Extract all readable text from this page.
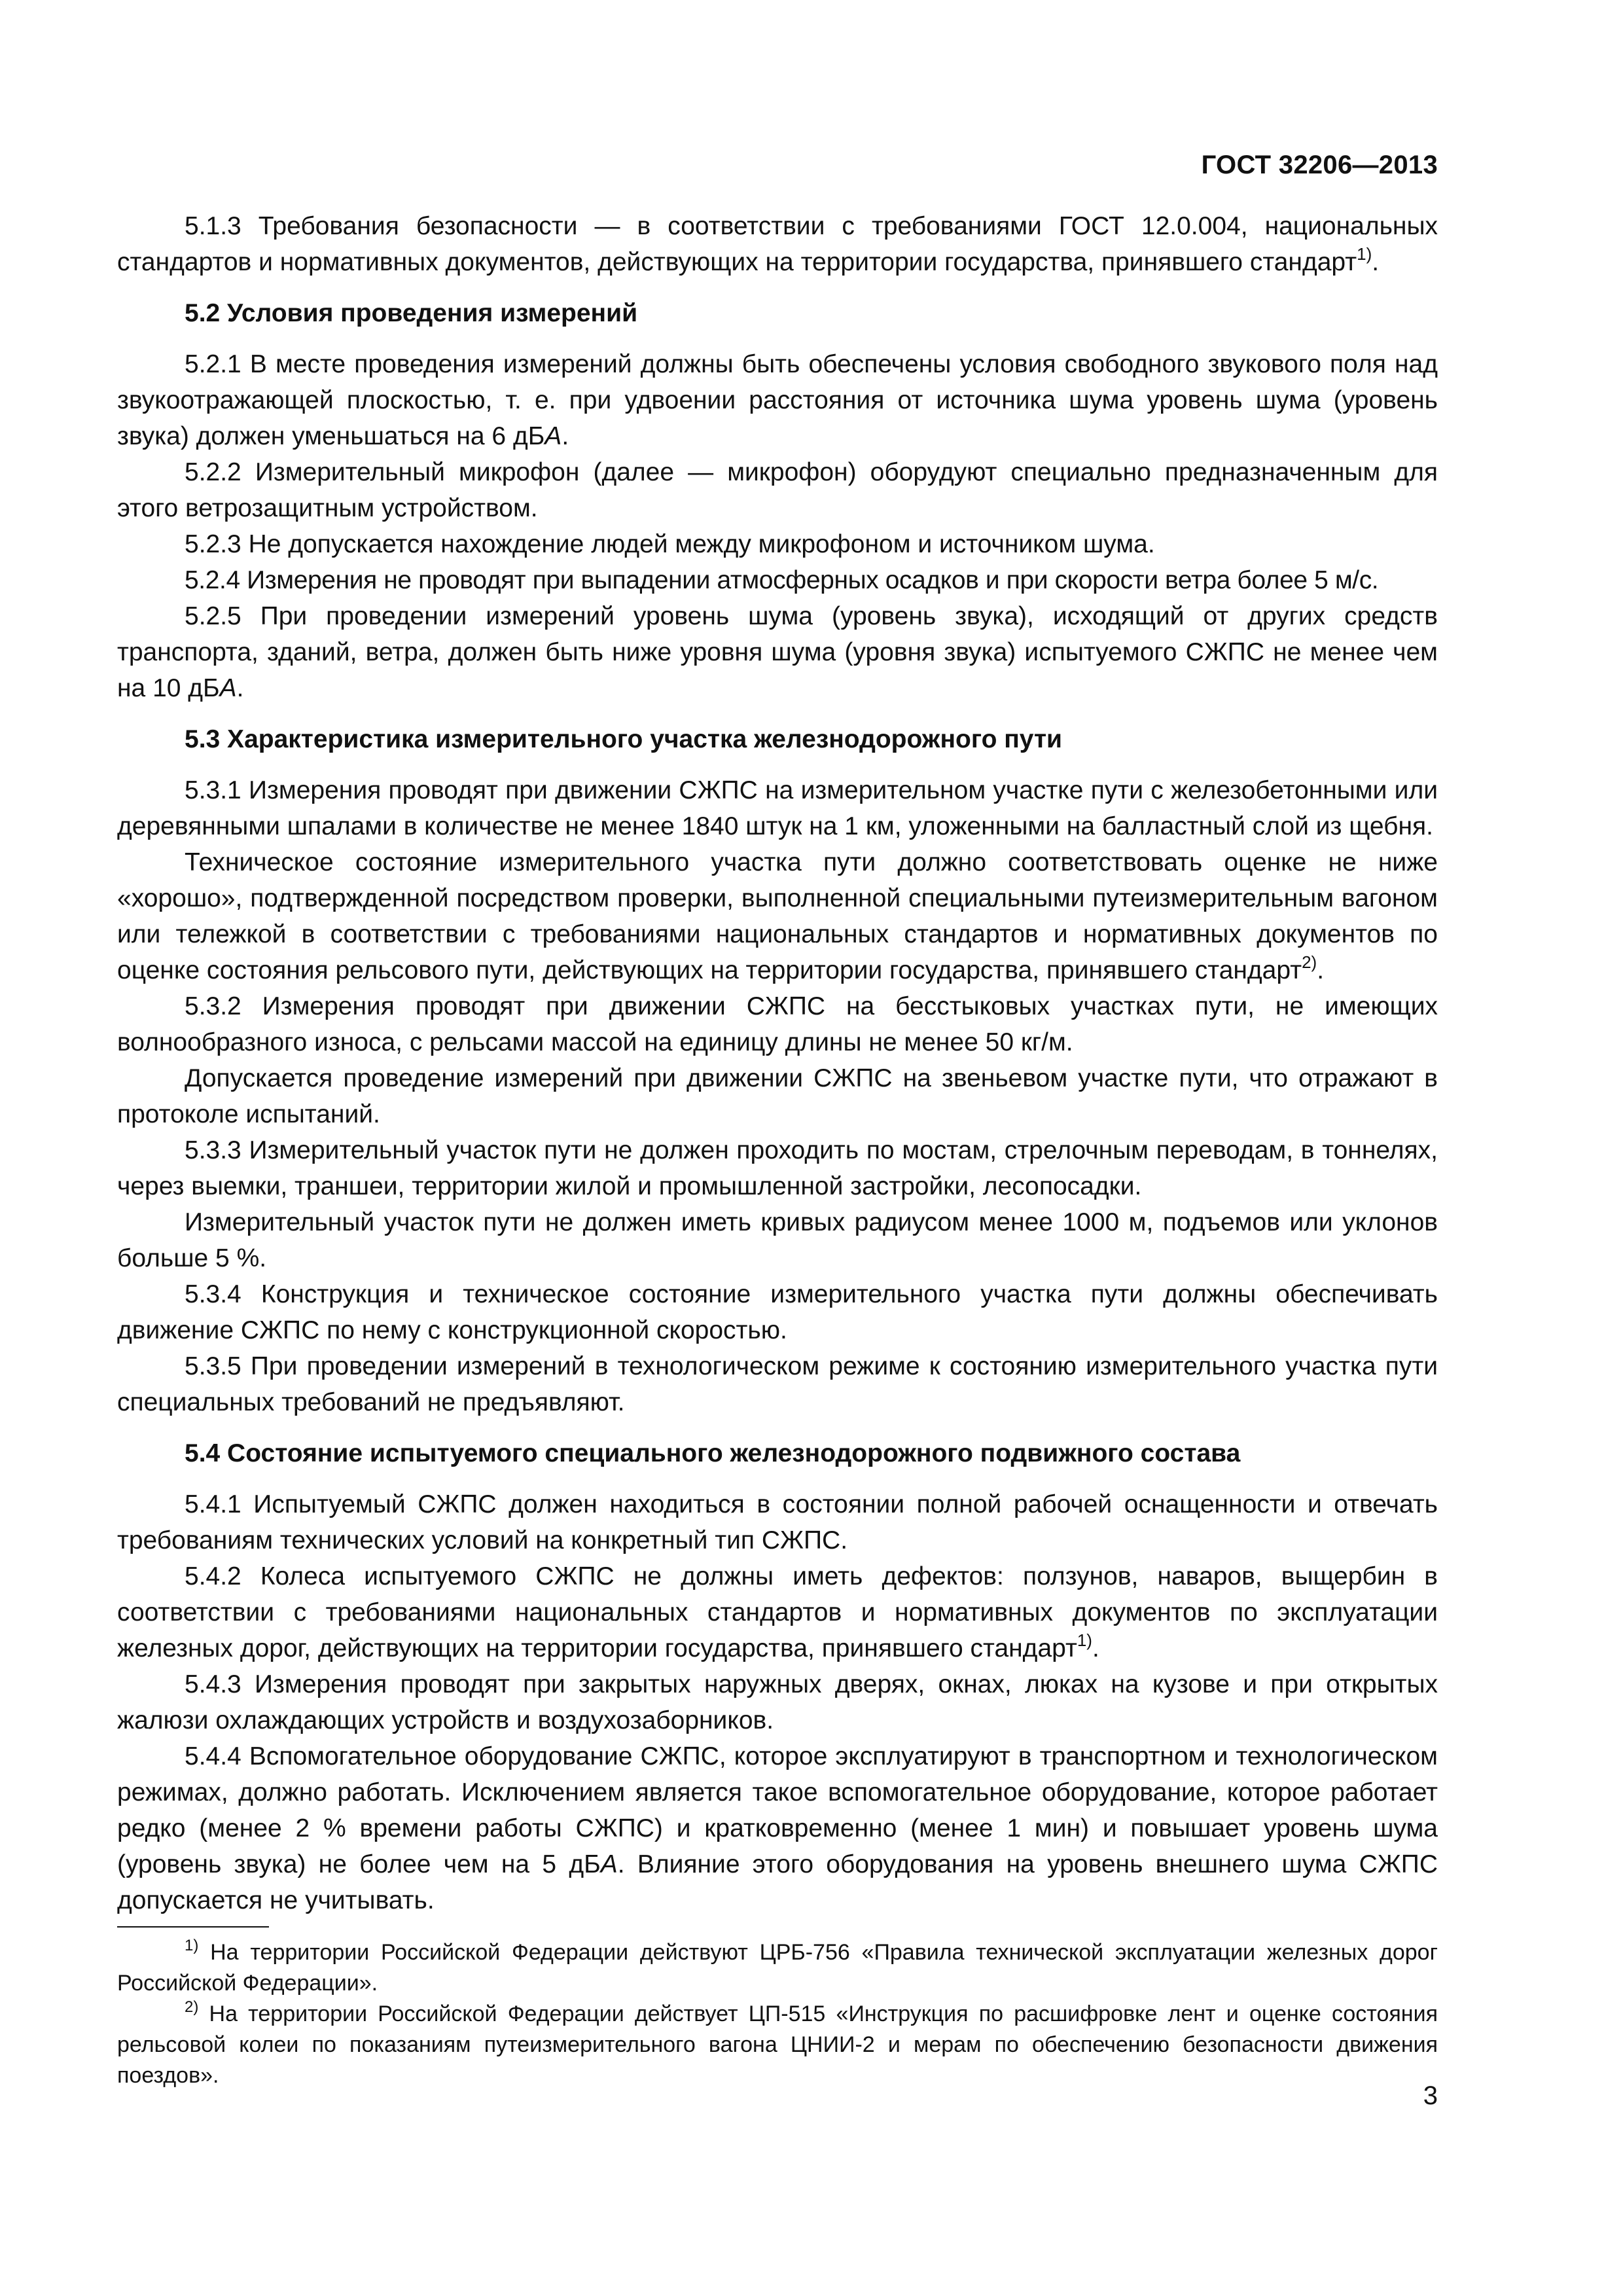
ГОСТ 32206—2013

5.1.3 Требования безопасности — в соответствии с требованиями ГОСТ 12.0.004, национальных стандартов и нормативных документов, действующих на территории государства, принявшего стандарт$^{1)}$.

5.2 Условия проведения измерений

5.2.1 В месте проведения измерений должны быть обеспечены условия свободного звукового поля над звукоотражающей плоскостью, т. е. при удвоении расстояния от источника шума уровень шума (уровень звука) должен уменьшаться на 6 дБА.

5.2.2 Измерительный микрофон (далее — микрофон) оборудуют специально предназначенным для этого ветрозащитным устройством.

5.2.3 Не допускается нахождение людей между микрофоном и источником шума.

5.2.4 Измерения не проводят при выпадении атмосферных осадков и при скорости ветра более 5 м/с.

5.2.5 При проведении измерений уровень шума (уровень звука), исходящий от других средств транспорта, зданий, ветра, должен быть ниже уровня шума (уровня звука) испытуемого СЖПС не менее чем на 10 дБА.

5.3 Характеристика измерительного участка железнодорожного пути

5.3.1 Измерения проводят при движении СЖПС на измерительном участке пути с железобетонными или деревянными шпалами в количестве не менее 1840 штук на 1 км, уложенными на балластный слой из щебня.

Техническое состояние измерительного участка пути должно соответствовать оценке не ниже «хорошо», подтвержденной посредством проверки, выполненной специальными путеизмерительным вагоном или тележкой в соответствии с требованиями национальных стандартов и нормативных документов по оценке состояния рельсового пути, действующих на территории государства, принявшего стандарт$^{2)}$.

5.3.2 Измерения проводят при движении СЖПС на бесстыковых участках пути, не имеющих волнообразного износа, с рельсами массой на единицу длины не менее 50 кг/м.

Допускается проведение измерений при движении СЖПС на звеньевом участке пути, что отражают в протоколе испытаний.

5.3.3 Измерительный участок пути не должен проходить по мостам, стрелочным переводам, в тоннелях, через выемки, траншеи, территории жилой и промышленной застройки, лесопосадки.

Измерительный участок пути не должен иметь кривых радиусом менее 1000 м, подъемов или уклонов больше 5 %.

5.3.4 Конструкция и техническое состояние измерительного участка пути должны обеспечивать движение СЖПС по нему с конструкционной скоростью.

5.3.5 При проведении измерений в технологическом режиме к состоянию измерительного участка пути специальных требований не предъявляют.

5.4 Состояние испытуемого специального железнодорожного подвижного состава

5.4.1 Испытуемый СЖПС должен находиться в состоянии полной рабочей оснащенности и отвечать требованиям технических условий на конкретный тип СЖПС.

5.4.2 Колеса испытуемого СЖПС не должны иметь дефектов: ползунов, наваров, выщербин в соответствии с требованиями национальных стандартов и нормативных документов по эксплуатации железных дорог, действующих на территории государства, принявшего стандарт$^{1)}$.

5.4.3 Измерения проводят при закрытых наружных дверях, окнах, люках на кузове и при открытых жалюзи охлаждающих устройств и воздухозаборников.

5.4.4 Вспомогательное оборудование СЖПС, которое эксплуатируют в транспортном и технологическом режимах, должно работать. Исключением является такое вспомогательное оборудование, которое работает редко (менее 2 % времени работы СЖПС) и кратковременно (менее 1 мин) и повышает уровень шума (уровень звука) не более чем на 5 дБА. Влияние этого оборудования на уровень внешнего шума СЖПС допускается не учитывать.

$^{1)}$ На территории Российской Федерации действуют ЦРБ-756 «Правила технической эксплуатации железных дорог Российской Федерации».

$^{2)}$ На территории Российской Федерации действует ЦП-515 «Инструкция по расшифровке лент и оценке состояния рельсовой колеи по показаниям путеизмерительного вагона ЦНИИ-2 и мерам по обеспечению безопасности движения поездов».

3
